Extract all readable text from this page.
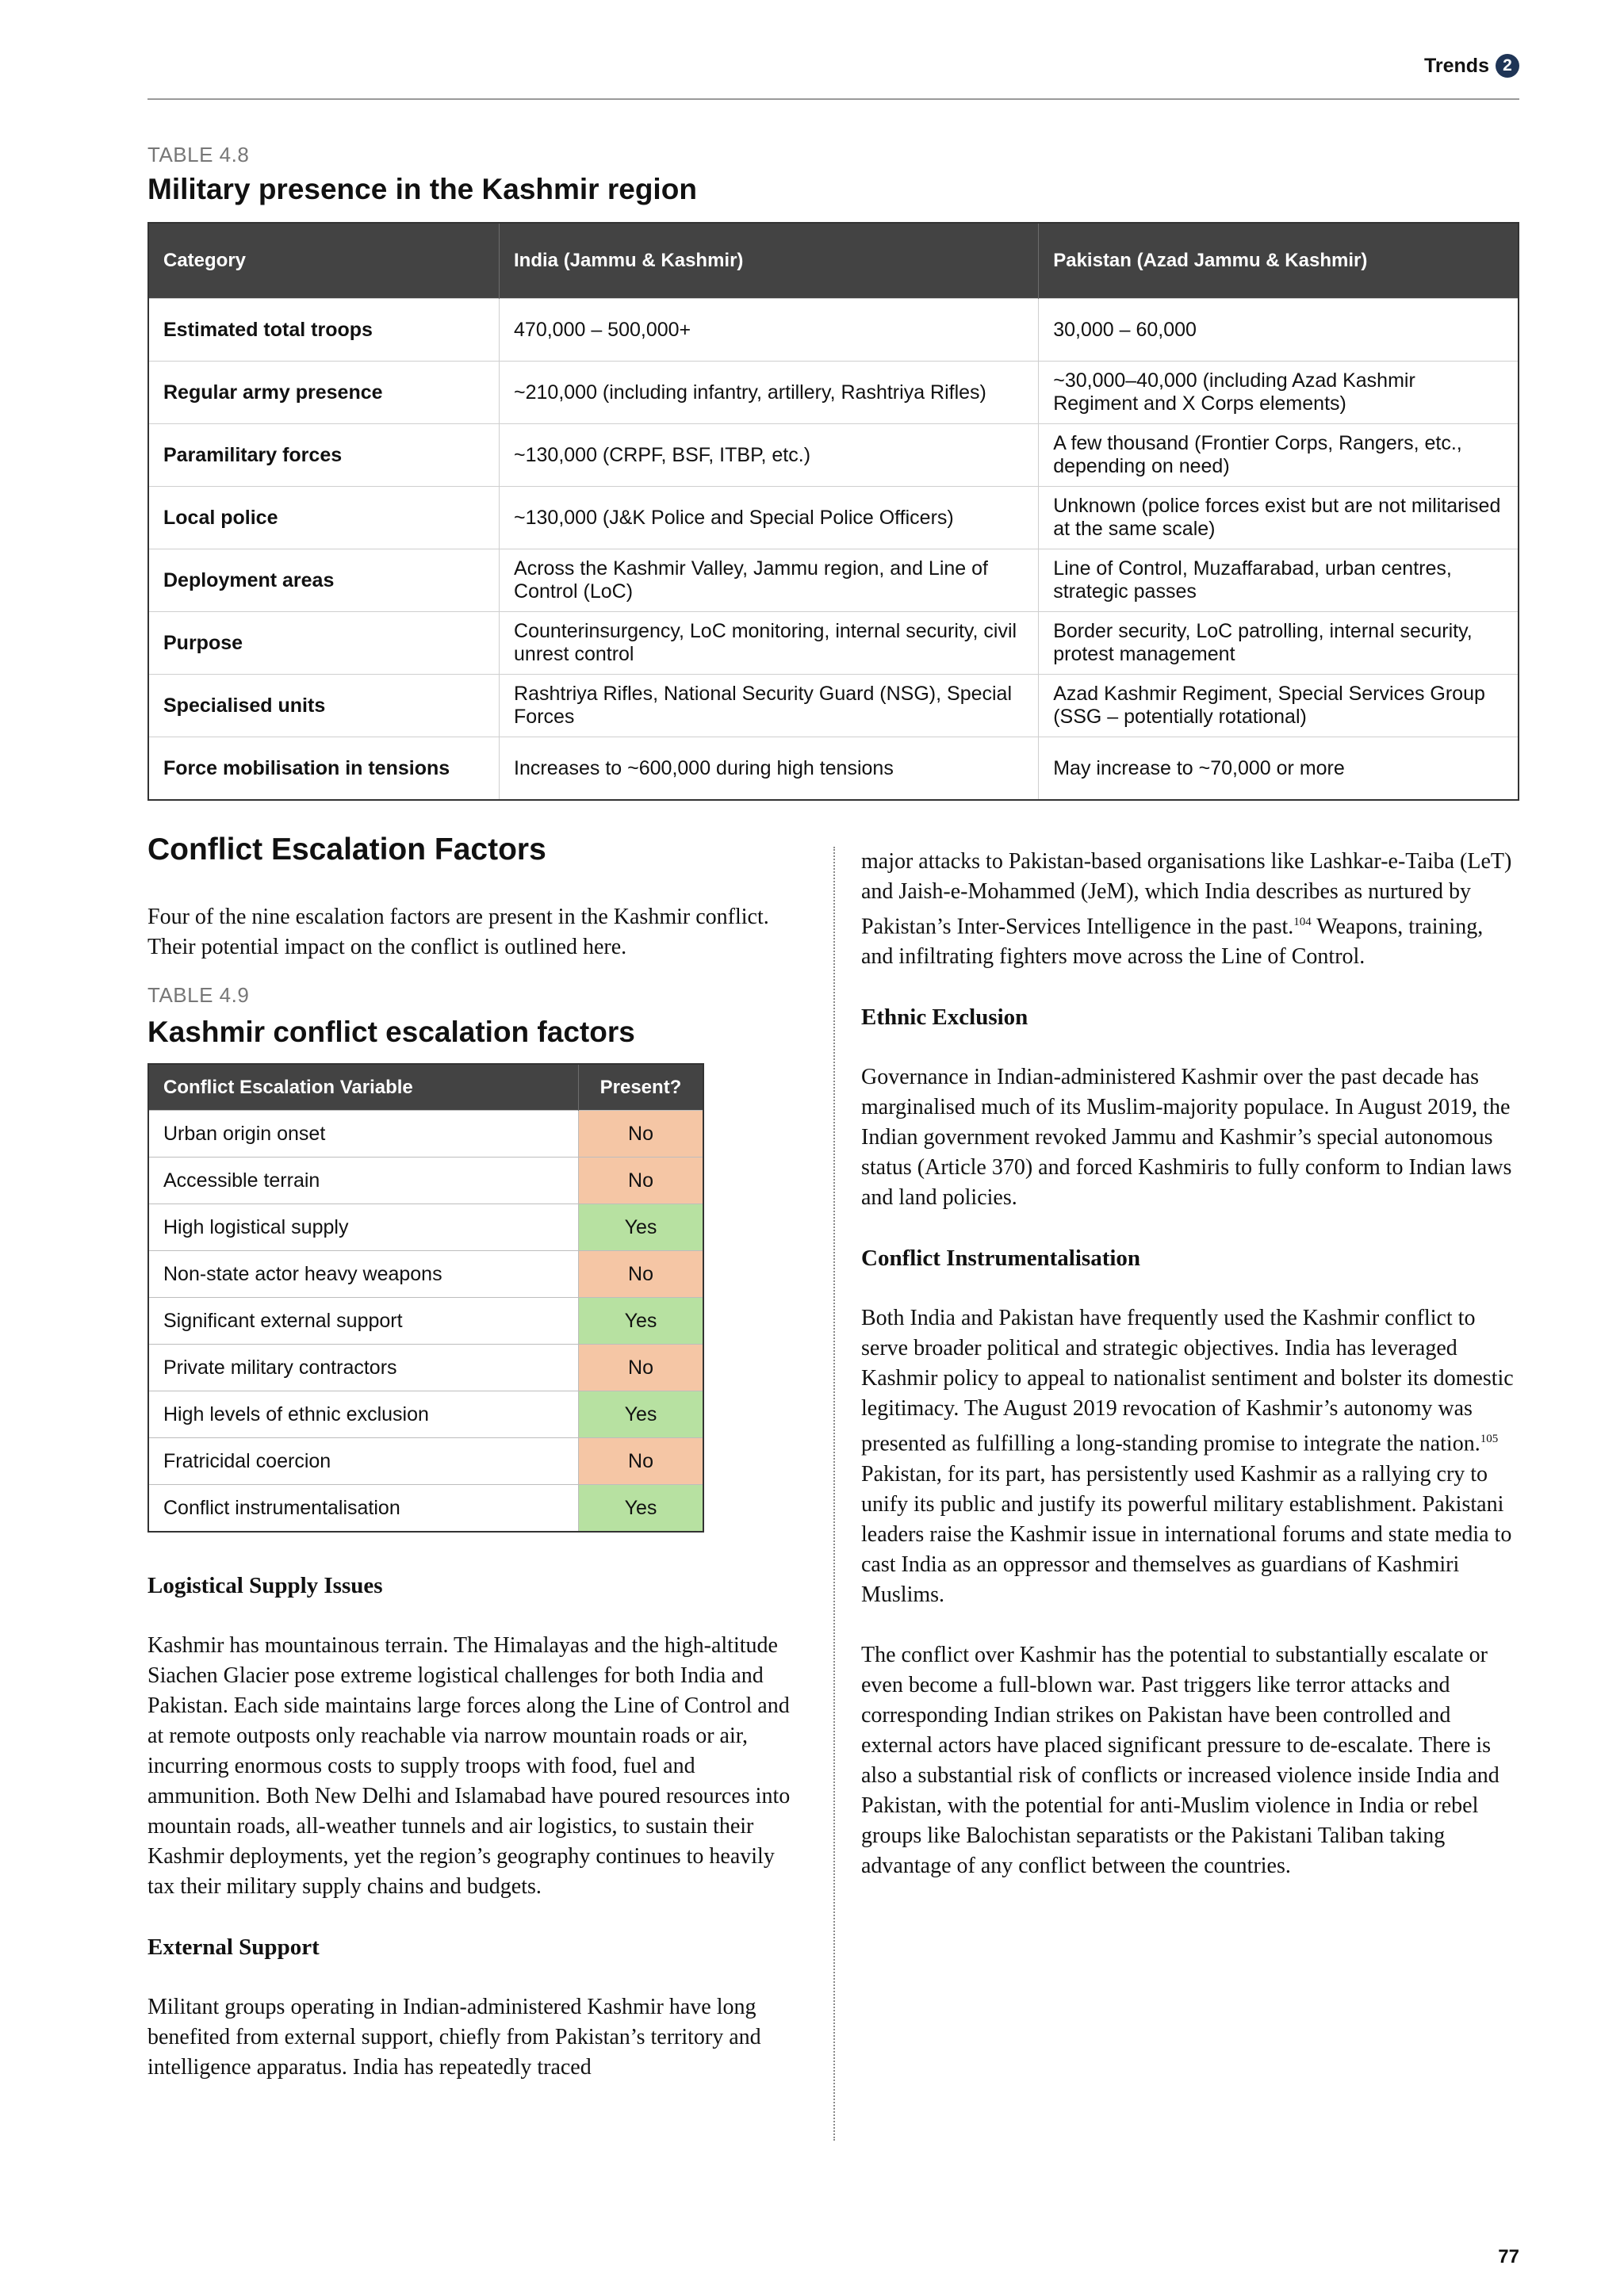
Trends 2
TABLE 4.8
Military presence in the Kashmir region
Category	India (Jammu & Kashmir)	Pakistan (Azad Jammu & Kashmir)
Estimated total troops	470,000 – 500,000+	30,000 – 60,000
Regular army presence	~210,000 (including infantry, artillery, Rashtriya Rifles)	~30,000–40,000 (including Azad Kashmir Regiment and X Corps elements)
Paramilitary forces	~130,000 (CRPF, BSF, ITBP, etc.)	A few thousand (Frontier Corps, Rangers, etc., depending on need)
Local police	~130,000 (J&K Police and Special Police Officers)	Unknown (police forces exist but are not militarised at the same scale)
Deployment areas	Across the Kashmir Valley, Jammu region, and Line of Control (LoC)	Line of Control, Muzaffarabad, urban centres, strategic passes
Purpose	Counterinsurgency, LoC monitoring, internal security, civil unrest control	Border security, LoC patrolling, internal security, protest management
Specialised units	Rashtriya Rifles, National Security Guard (NSG), Special Forces	Azad Kashmir Regiment, Special Services Group (SSG – potentially rotational)
Force mobilisation in tensions	Increases to ~600,000 during high tensions	May increase to ~70,000 or more
Conflict Escalation Factors

Four of the nine escalation factors are present in the Kashmir conflict. Their potential impact on the conflict is outlined here.

TABLE 4.9
Kashmir conflict escalation factors
Conflict Escalation Variable	Present?
Urban origin onset	No
Accessible terrain	No
High logistical supply	Yes
Non-state actor heavy weapons	No
Significant external support	Yes
Private military contractors	No
High levels of ethnic exclusion	Yes
Fratricidal coercion	No
Conflict instrumentalisation	Yes

Logistical Supply Issues

Kashmir has mountainous terrain. The Himalayas and the high-altitude Siachen Glacier pose extreme logistical challenges for both India and Pakistan. Each side maintains large forces along the Line of Control and at remote outposts only reachable via narrow mountain roads or air, incurring enormous costs to supply troops with food, fuel and ammunition. Both New Delhi and Islamabad have poured resources into mountain roads, all-weather tunnels and air logistics, to sustain their Kashmir deployments, yet the region’s geography continues to heavily tax their military supply chains and budgets.

External Support

Militant groups operating in Indian-administered Kashmir have long benefited from external support, chiefly from Pakistan’s territory and intelligence apparatus. India has repeatedly traced

major attacks to Pakistan-based organisations like Lashkar-e-Taiba (LeT) and Jaish-e-Mohammed (JeM), which India describes as nurtured by Pakistan’s Inter-Services Intelligence in the past.$^{104}$ Weapons, training, and infiltrating fighters move across the Line of Control.

Ethnic Exclusion

Governance in Indian-administered Kashmir over the past decade has marginalised much of its Muslim-majority populace. In August 2019, the Indian government revoked Jammu and Kashmir’s special autonomous status (Article 370) and forced Kashmiris to fully conform to Indian laws and land policies.

Conflict Instrumentalisation

Both India and Pakistan have frequently used the Kashmir conflict to serve broader political and strategic objectives. India has leveraged Kashmir policy to appeal to nationalist sentiment and bolster its domestic legitimacy. The August 2019 revocation of Kashmir’s autonomy was presented as fulfilling a long-standing promise to integrate the nation.$^{105}$ Pakistan, for its part, has persistently used Kashmir as a rallying cry to unify its public and justify its powerful military establishment. Pakistani leaders raise the Kashmir issue in international forums and state media to cast India as an oppressor and themselves as guardians of Kashmiri Muslims.

The conflict over Kashmir has the potential to substantially escalate or even become a full-blown war. Past triggers like terror attacks and corresponding Indian strikes on Pakistan have been controlled and external actors have placed significant pressure to de-escalate. There is also a substantial risk of conflicts or increased violence inside India and Pakistan, with the potential for anti-Muslim violence in India or rebel groups like Balochistan separatists or the Pakistani Taliban taking advantage of any conflict between the countries.

77
